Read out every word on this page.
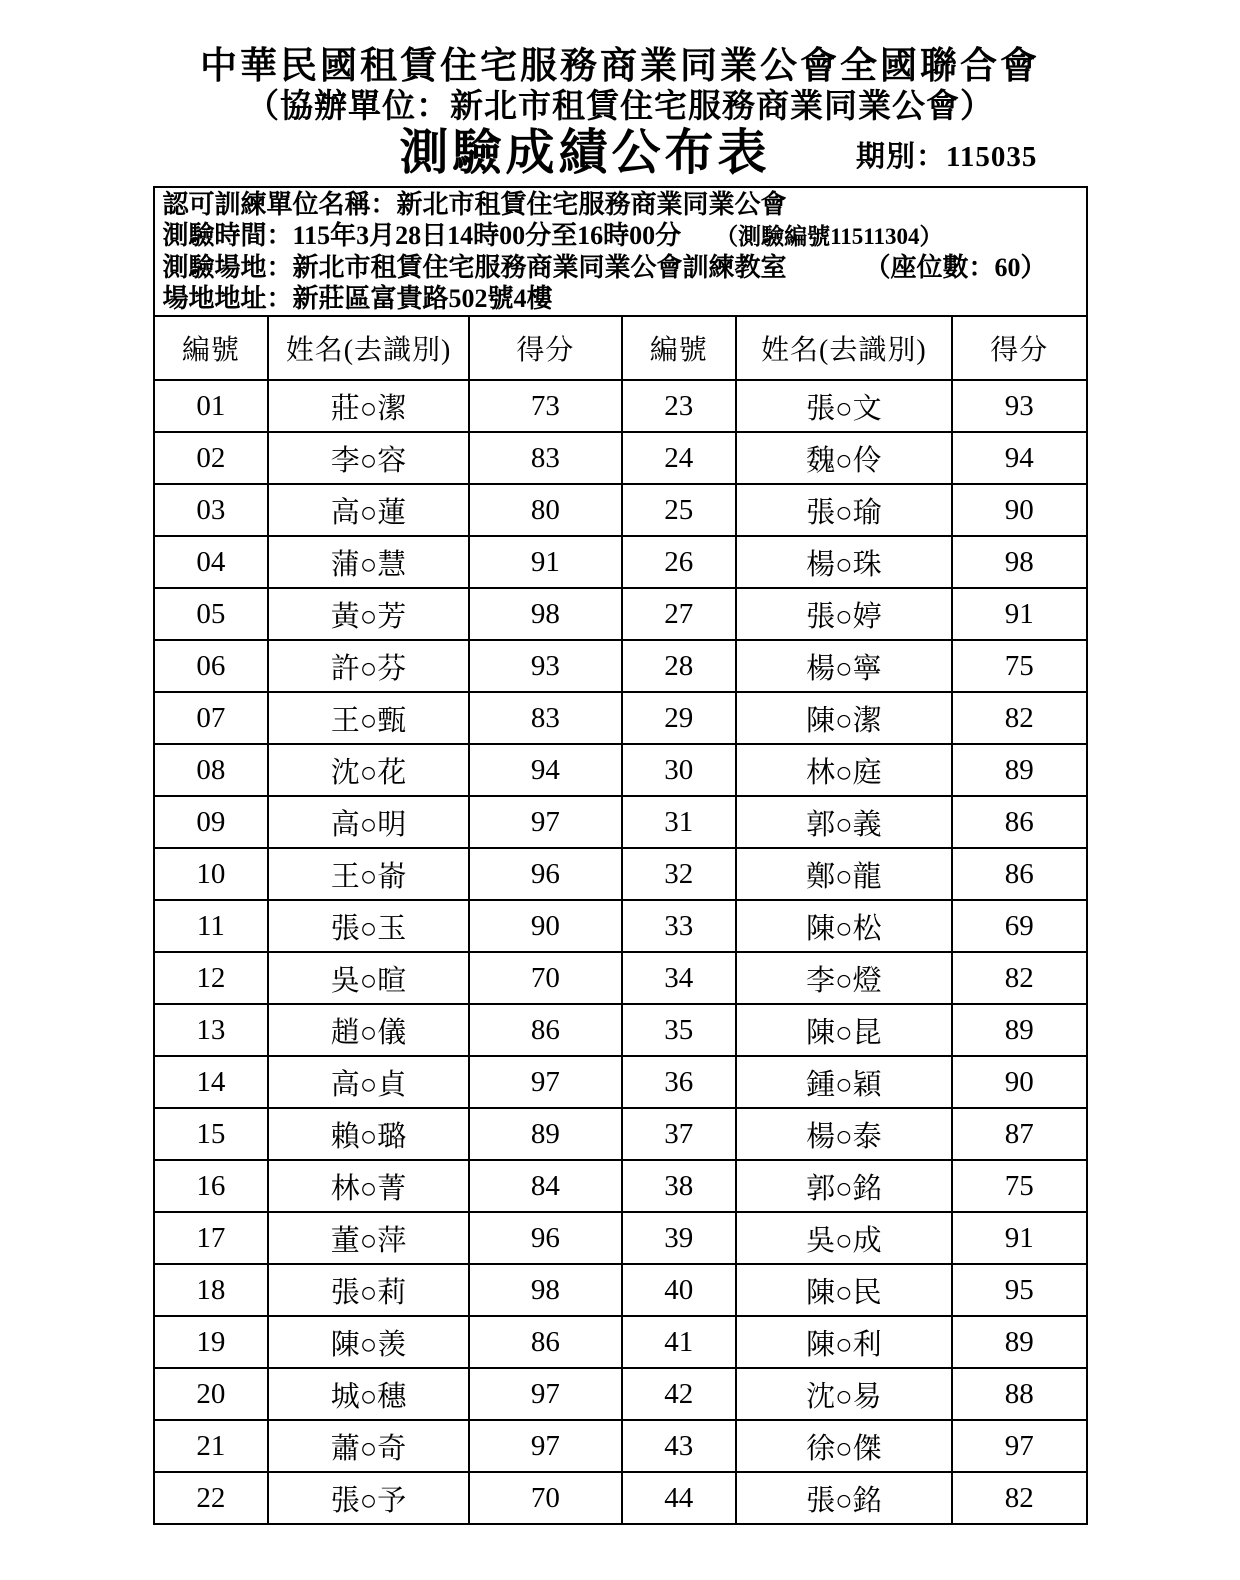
中華民國租賃住宅服務商業同業公會全國聯合會
（協辦單位：新北市租賃住宅服務商業同業公會）
測驗成績公布表	期別：115035
認可訓練單位名稱：新北市租賃住宅服務商業同業公會
測驗時間：115年3月28日14時00分至16時00分 （測驗編號11511304）
測驗場地：新北市租賃住宅服務商業同業公會訓練教室	（座位數：60）
場地地址：新莊區富貴路502號4樓
編號	姓名(去識別)	得分	編號	姓名(去識別)	得分
01	莊○潔	73	23	張○文	93
02	李○容	83	24	魏○伶	94
03	高○蓮	80	25	張○瑜	90
04	蒲○慧	91	26	楊○珠	98
05	黃○芳	98	27	張○婷	91
06	許○芬	93	28	楊○寧	75
07	王○甄	83	29	陳○潔	82
08	沈○花	94	30	林○庭	89
09	高○明	97	31	郭○義	86
10	王○嵛	96	32	鄭○龍	86
11	張○玉	90	33	陳○松	69
12	吳○暄	70	34	李○燈	82
13	趙○儀	86	35	陳○昆	89
14	高○貞	97	36	鍾○穎	90
15	賴○璐	89	37	楊○泰	87
16	林○菁	84	38	郭○銘	75
17	董○萍	96	39	吳○成	91
18	張○莉	98	40	陳○民	95
19	陳○羡	86	41	陳○利	89
20	城○穗	97	42	沈○易	88
21	蕭○奇	97	43	徐○傑	97
22	張○予	70	44	張○銘	82
